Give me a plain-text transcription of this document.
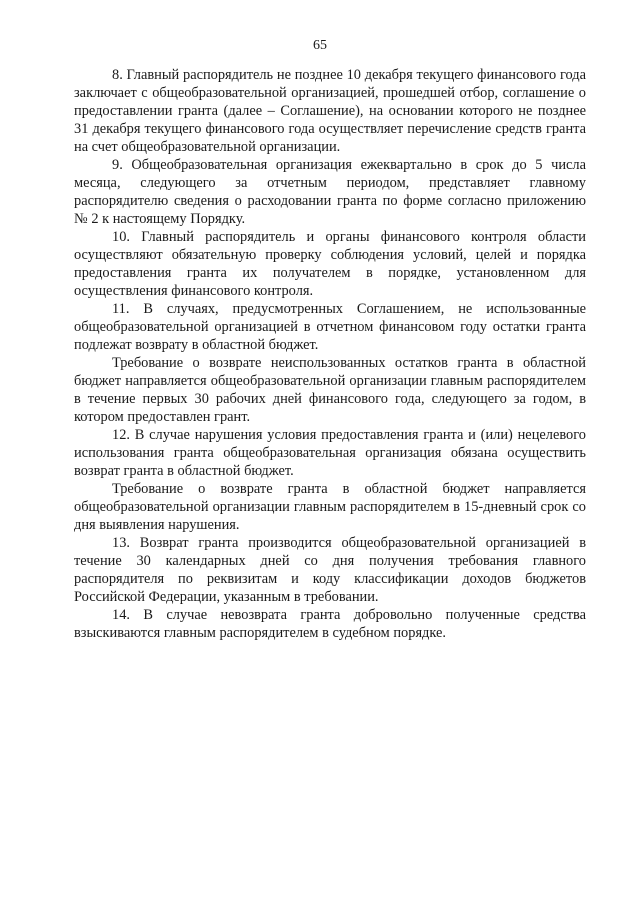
65

8. Главный распорядитель не позднее 10 декабря текущего финансового года заключает с общеобразовательной организацией, прошедшей отбор, соглашение о предоставлении гранта (далее – Соглашение), на основании которого не позднее 31 декабря текущего финансового года осуществляет перечисление средств гранта на счет общеобразовательной организации.

9. Общеобразовательная организация ежеквартально в срок до 5 числа месяца, следующего за отчетным периодом, представляет главному распорядителю сведения о расходовании гранта по форме согласно приложению № 2 к настоящему Порядку.

10. Главный распорядитель и органы финансового контроля области осуществляют обязательную проверку соблюдения условий, целей и порядка предоставления гранта их получателем в порядке, установленном для осуществления финансового контроля.

11. В случаях, предусмотренных Соглашением, не использованные общеобразовательной организацией в отчетном финансовом году остатки гранта подлежат возврату в областной бюджет.

Требование о возврате неиспользованных остатков гранта в областной бюджет направляется общеобразовательной организации главным распорядителем в течение первых 30 рабочих дней финансового года, следующего за годом, в котором предоставлен грант.

12. В случае нарушения условия предоставления гранта и (или) нецелевого использования гранта общеобразовательная организация обязана осуществить возврат гранта в областной бюджет.

Требование о возврате гранта в областной бюджет направляется общеобразовательной организации главным распорядителем в 15-дневный срок со дня выявления нарушения.

13. Возврат гранта производится общеобразовательной организацией в течение 30 календарных дней со дня получения требования главного распорядителя по реквизитам и коду классификации доходов бюджетов Российской Федерации, указанным в требовании.

14. В случае невозврата гранта добровольно полученные средства взыскиваются главным распорядителем в судебном порядке.
